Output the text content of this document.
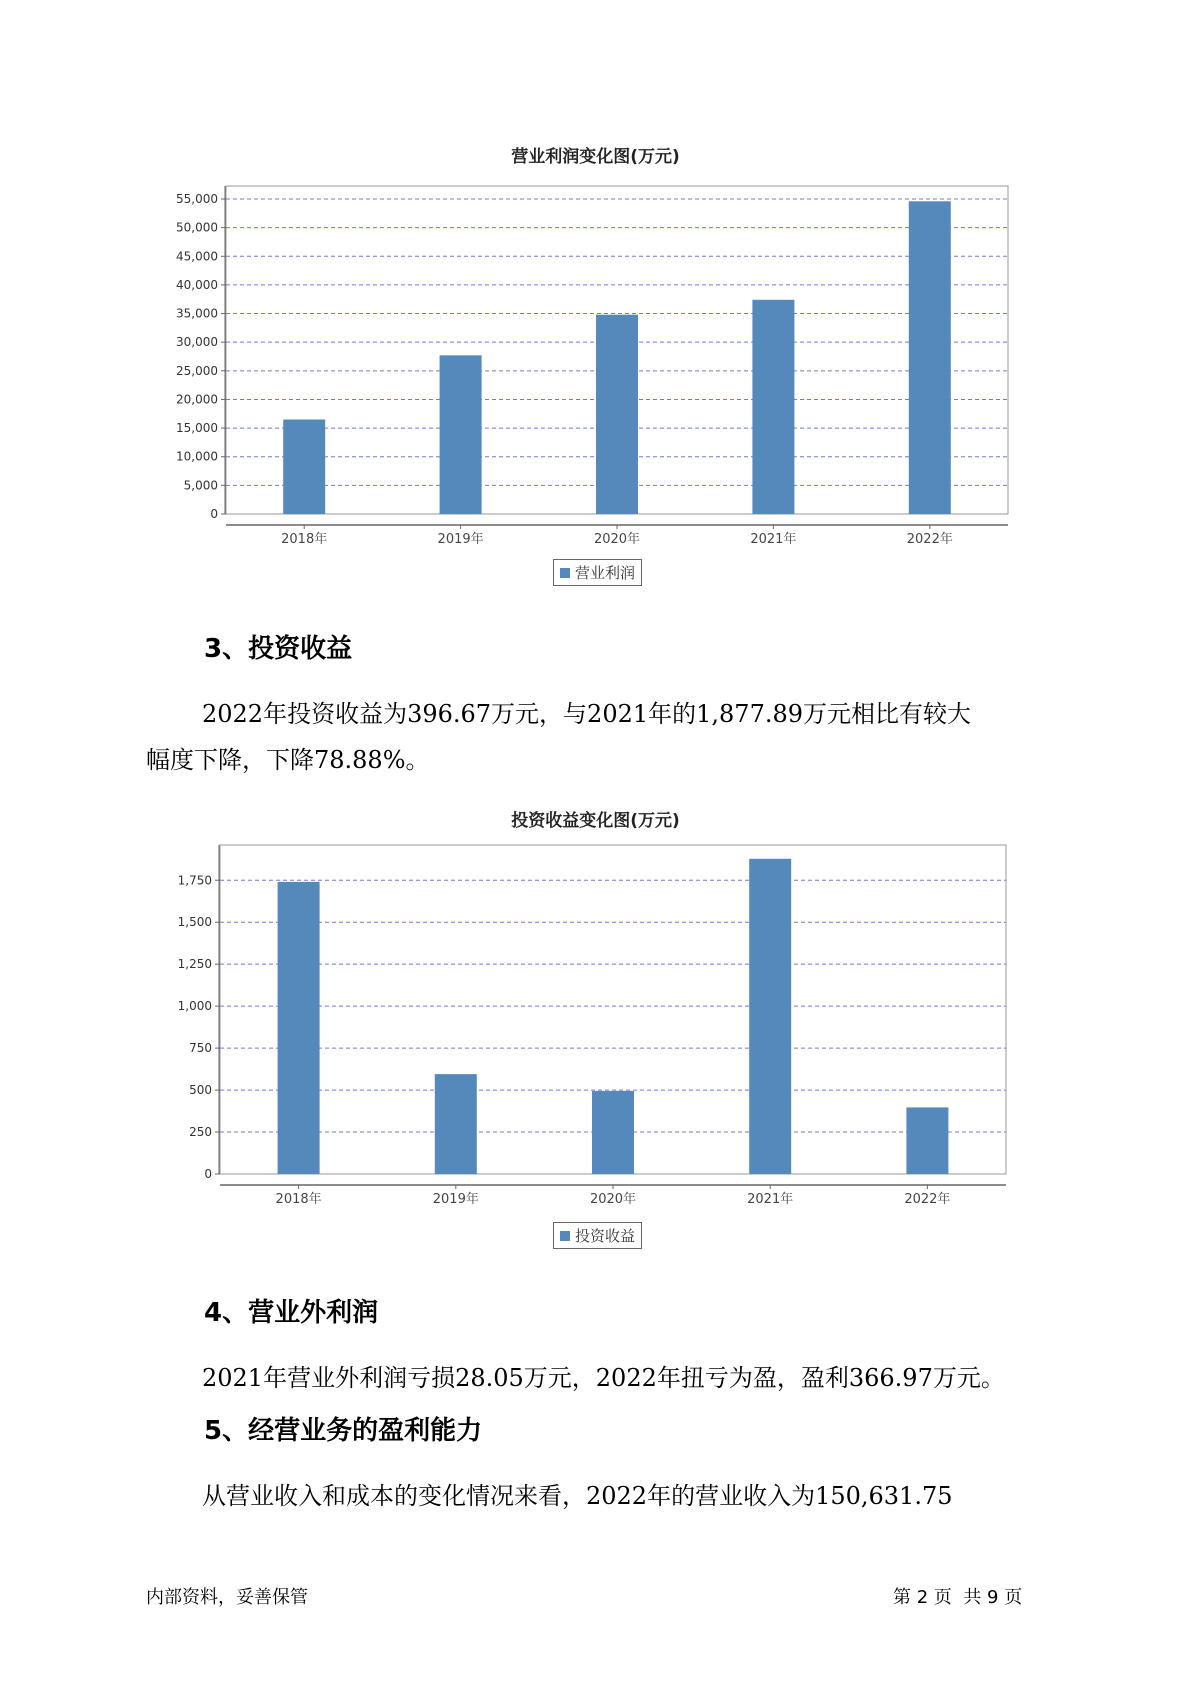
营业利润变化图(万元)
0
5,000
10,000
15,000
20,000
25,000
30,000
35,000
40,000
45,000
50,000
55,000
2018年	2019年	2020年	2021年	2022年
营业利润
3、投资收益
2022年投资收益为396.67万元，与2021年的1,877.89万元相比有较大
幅度下降，下降78.88%。
投资收益变化图(万元)
0
250
500
750
1,000
1,250
1,500
1,750
2018年	2019年	2020年	2021年	2022年
投资收益
4、营业外利润
2021年营业外利润亏损28.05万元，2022年扭亏为盈，盈利366.97万元。
5、经营业务的盈利能力
从营业收入和成本的变化情况来看，2022年的营业收入为150,631.75
内部资料，妥善保管	第 2 页  共 9 页
